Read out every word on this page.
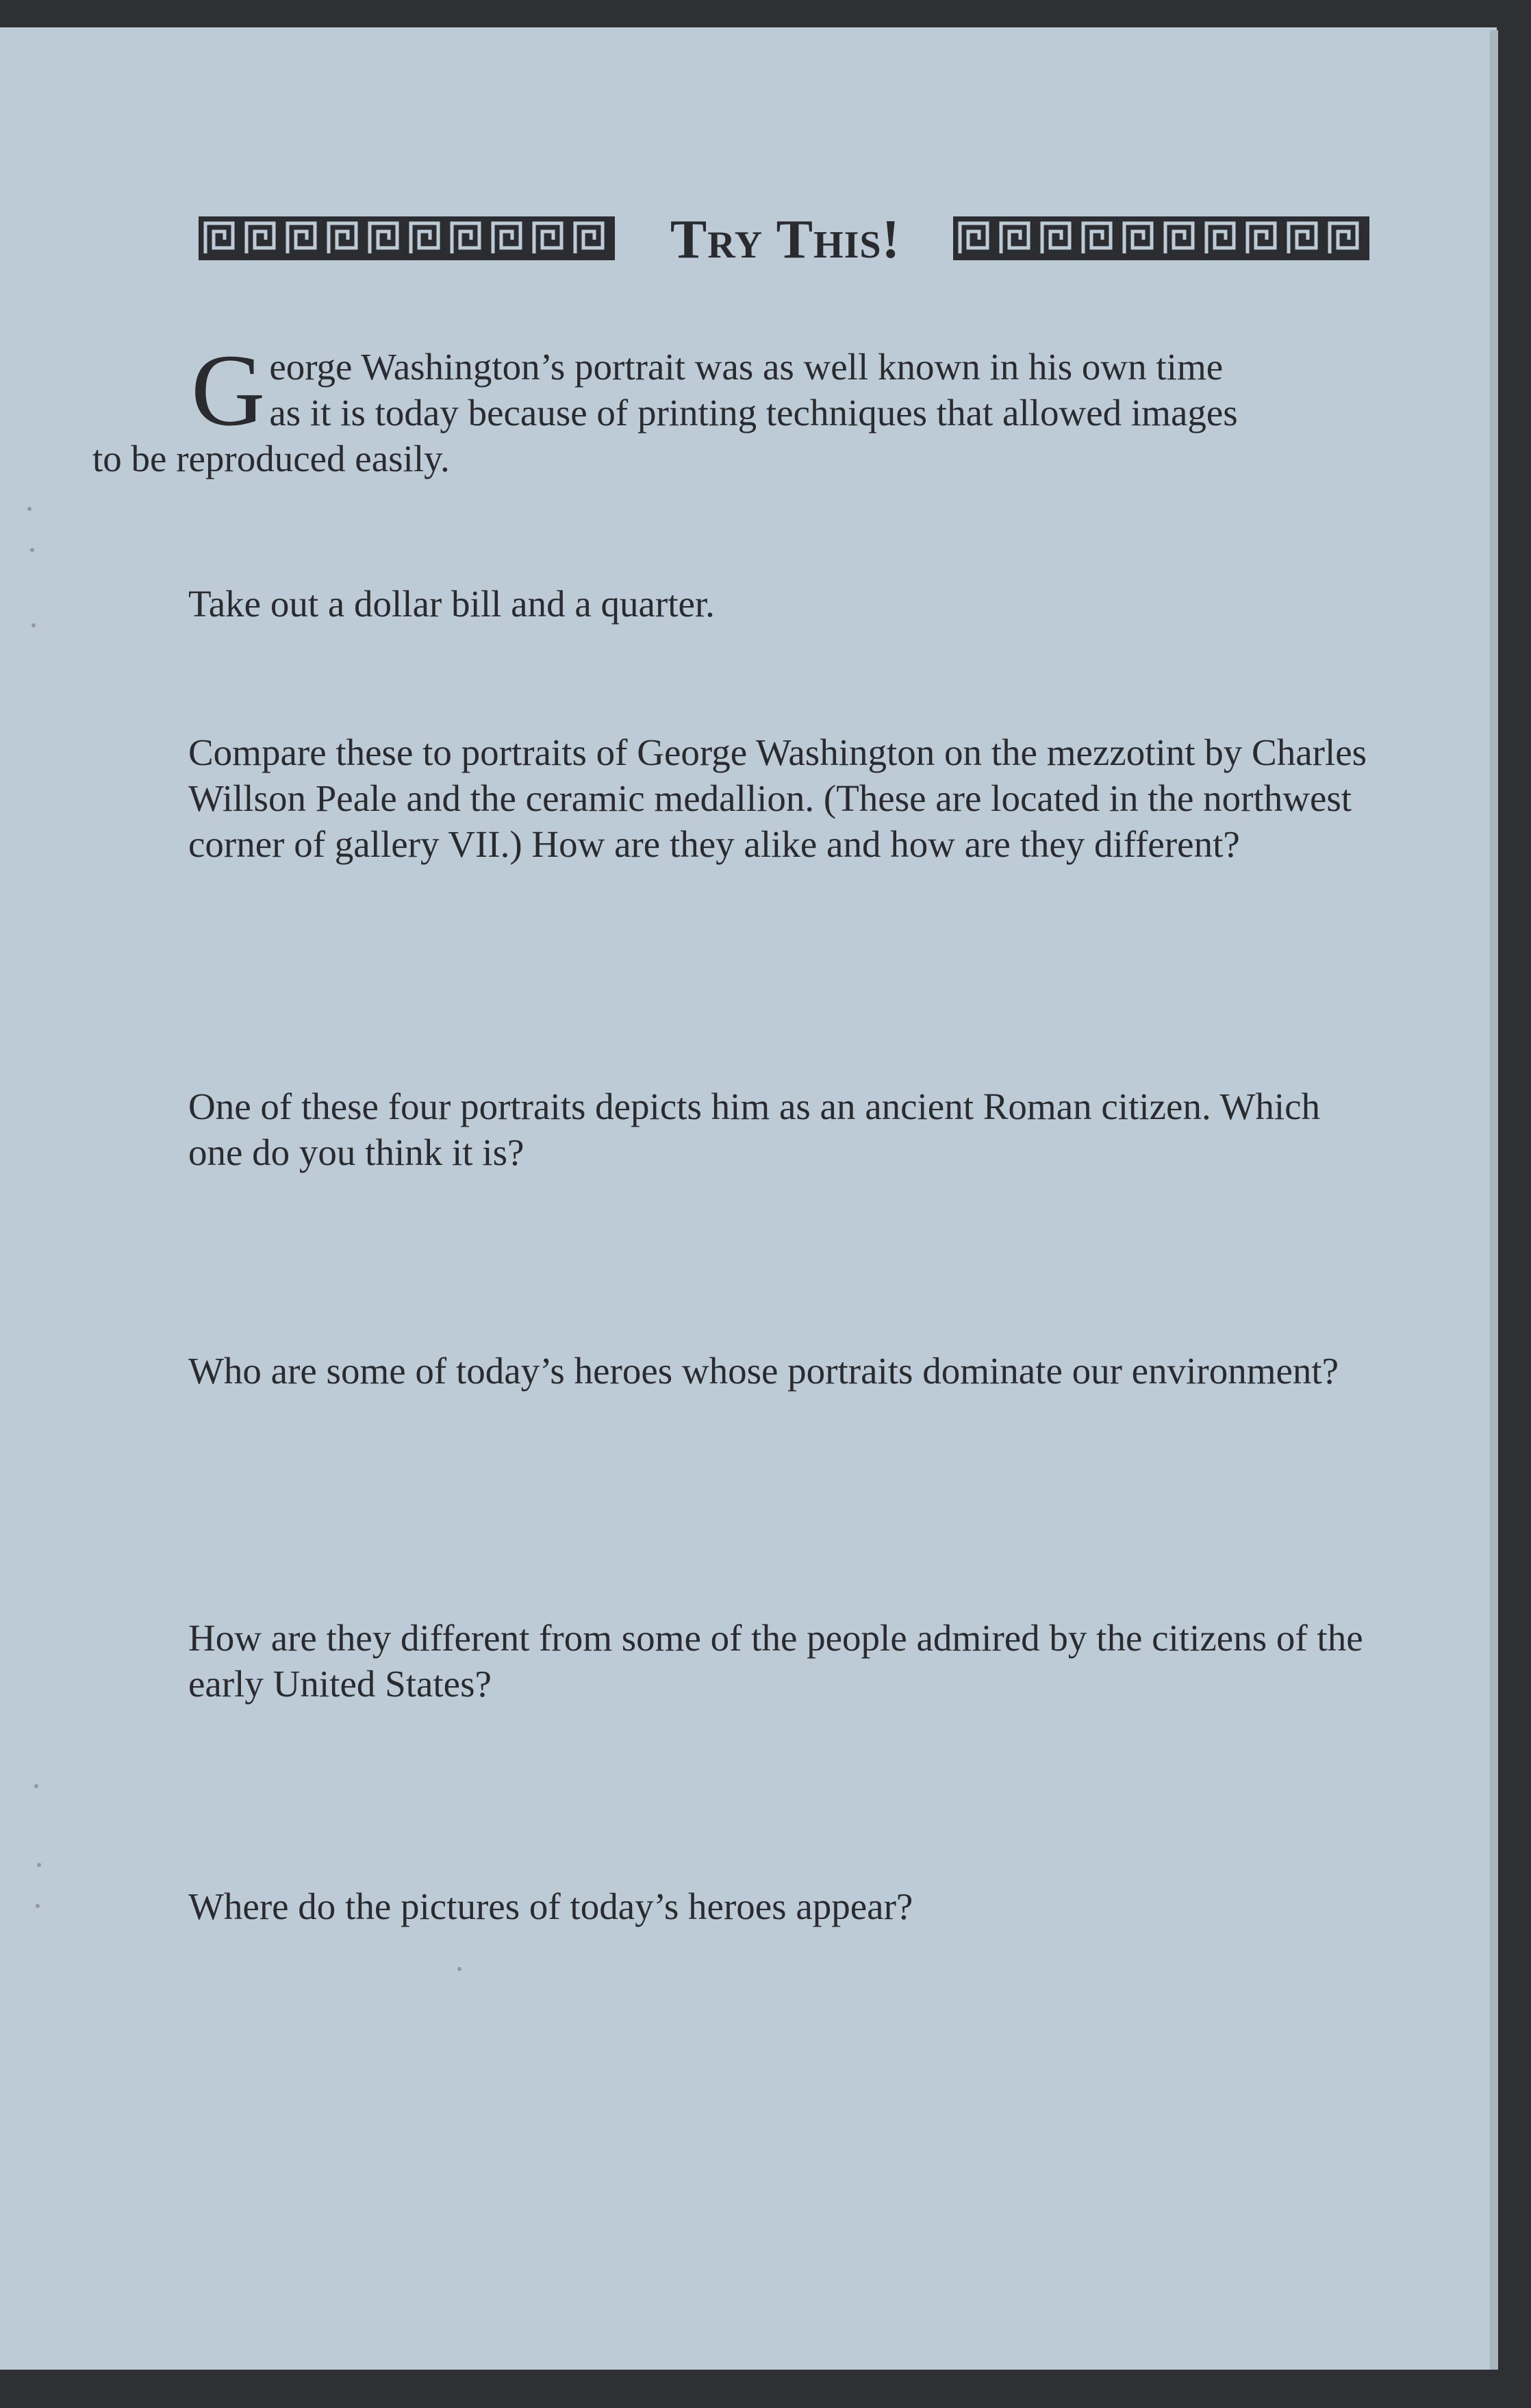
Try This!
G eorge Washington’s portrait was as well known in his own time
as it is today because of printing techniques that allowed images
to be reproduced easily.
Take out a dollar bill and a quarter.
Compare these to portraits of George Washington on the mezzotint by Charles Willson Peale and the ceramic medallion. (These are located in the northwest corner of gallery VII.) How are they alike and how are they different?
One of these four portraits depicts him as an ancient Roman citizen. Which one do you think it is?
Who are some of today’s heroes whose portraits dominate our environment?
How are they different from some of the people admired by the citizens of the early United States?
Where do the pictures of today’s heroes appear?
